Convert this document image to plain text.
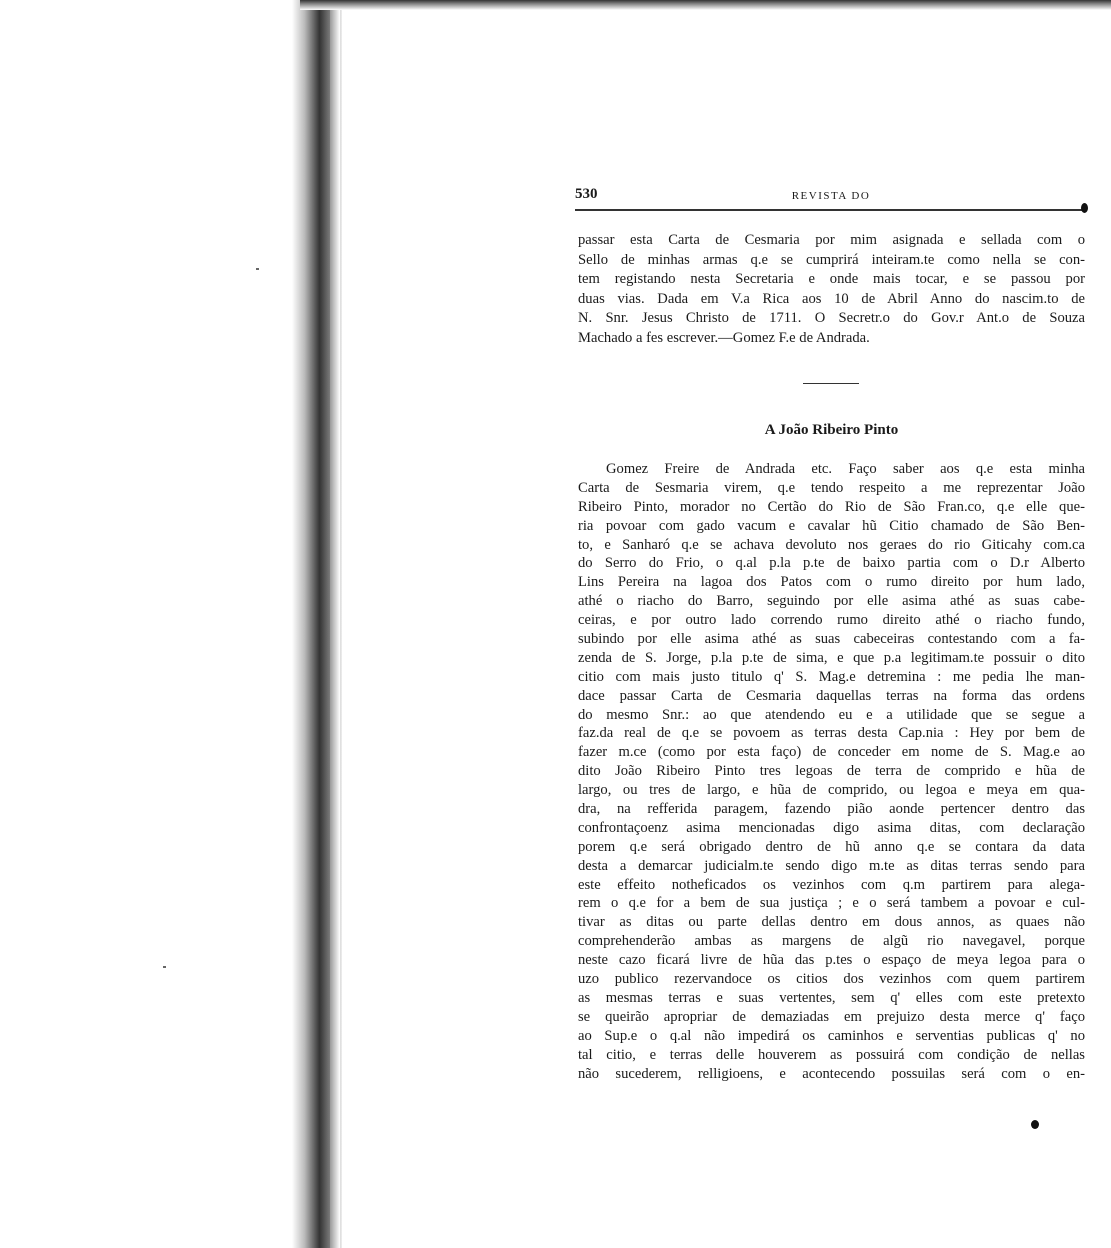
530	REVISTA DO
passar esta Carta de Cesmaria por mim asignada e sellada com o
Sello de minhas armas q.e se cumprirá inteiram.te como nella se con-
tem registando nesta Secretaria e onde mais tocar, e se passou por
duas vias. Dada em V.a Rica aos 10 de Abril Anno do nascim.to de
N. Snr. Jesus Christo de 1711. O Secretr.o do Gov.r Ant.o de Souza
Machado a fes escrever.—Gomez F.e de Andrada.
A João Ribeiro Pinto
Gomez Freire de Andrada etc. Faço saber aos q.e esta minha
Carta de Sesmaria virem, q.e tendo respeito a me reprezentar João
Ribeiro Pinto, morador no Certão do Rio de São Fran.co, q.e elle que-
ria povoar com gado vacum e cavalar hũ Citio chamado de São Ben-
to, e Sanharó q.e se achava devoluto nos geraes do rio Giticahy com.ca
do Serro do Frio, o q.al p.la p.te de baixo partia com o D.r Alberto
Lins Pereira na lagoa dos Patos com o rumo direito por hum lado,
athé o riacho do Barro, seguindo por elle asima athé as suas cabe-
ceiras, e por outro lado correndo rumo direito athé o riacho fundo,
subindo por elle asima athé as suas cabeceiras contestando com a fa-
zenda de S. Jorge, p.la p.te de sima, e que p.a legitimam.te possuir o dito
citio com mais justo titulo q' S. Mag.e detremina : me pedia lhe man-
dace passar Carta de Cesmaria daquellas terras na forma das ordens
do mesmo Snr.: ao que atendendo eu e a utilidade que se segue a
faz.da real de q.e se povoem as terras desta Cap.nia : Hey por bem de
fazer m.ce (como por esta faço) de conceder em nome de S. Mag.e ao
dito João Ribeiro Pinto tres legoas de terra de comprido e hũa de
largo, ou tres de largo, e hũa de comprido, ou legoa e meya em qua-
dra, na refferida paragem, fazendo pião aonde pertencer dentro das
confrontaçoenz asima mencionadas digo asima ditas, com declaração
porem q.e será obrigado dentro de hũ anno q.e se contara da data
desta a demarcar judicialm.te sendo digo m.te as ditas terras sendo para
este effeito nothefіcados os vezinhos com q.m partirem para alega-
rem o q.e for a bem de sua justiça ; e o será tambem a povoar e cul-
tivar as ditas ou parte dellas dentro em dous annos, as quaes não
comprehenderão ambas as margens de algũ rio navegavel, porque
neste cazo ficará livre de hũa das p.tes o espaço de meya legoa para o
uzo publico rezervandoce os citios dos vezinhos com quem partirem
as mesmas terras e suas vertentes, sem q' elles com este pretexto
se queirão apropriar de demaziadas em prejuizo desta merce q' faço
ao Sup.e o q.al não impedirá os caminhos e serventias publicas q' no
tal citio, e terras delle houverem as possuirá com condição de nellas
não sucederem, relligioens, e acontecendo possuilas será com o en-
